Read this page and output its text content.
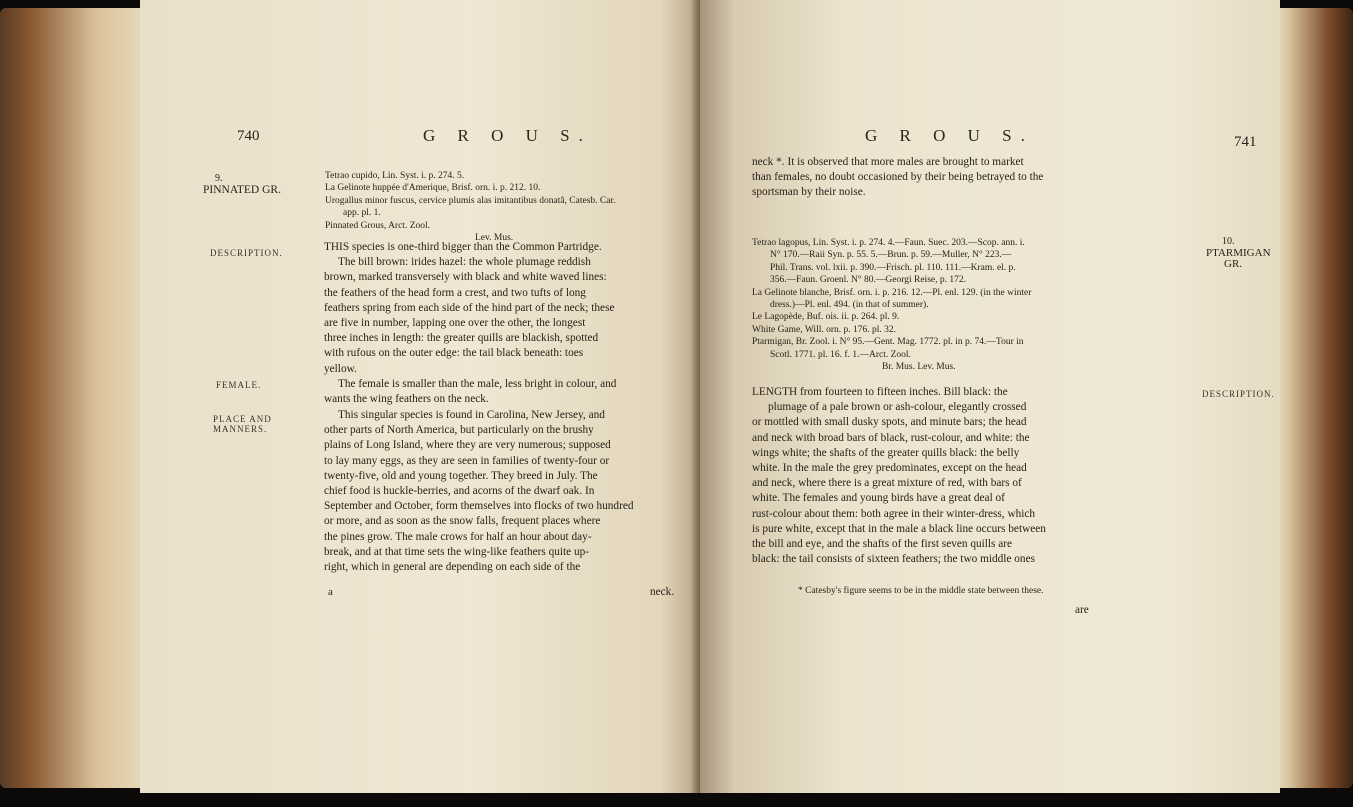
740	G R O U S.
9.
PINNATED GR.
Tetrao cupido, Lin. Syst. i. p. 274. 5.
La Gelinote huppée d'Amerique, Brisf. orn. i. p. 212. 10.
Urogallus minor fuscus, cervice plumis alas imitantibus donatâ, Catesb. Car.
app. pl. 1.
Pinnated Grous, Arct. Zool.
Lev. Mus.
DESCRIPTION.	THIS species is one-third bigger than the Common Partridge.
The bill brown: irides hazel: the whole plumage reddish
brown, marked transversely with black and white waved lines:
the feathers of the head form a crest, and two tufts of long
feathers spring from each side of the hind part of the neck; these
are five in number, lapping one over the other, the longest
three inches in length: the greater quills are blackish, spotted
with rufous on the outer edge: the tail black beneath: toes
yellow.
FEMALE.	The female is smaller than the male, less bright in colour, and
wants the wing feathers on the neck.
PLACE AND
MANNERS.
This singular species is found in Carolina, New Jersey, and
other parts of North America, but particularly on the brushy
plains of Long Island, where they are very numerous; supposed
to lay many eggs, as they are seen in families of twenty-four or
twenty-five, old and young together. They breed in July. The
chief food is huckle-berries, and acorns of the dwarf oak. In
September and October, form themselves into flocks of two hundred
or more, and as soon as the snow falls, frequent places where
the pines grow. The male crows for half an hour about day-
break, and at that time sets the wing-like feathers quite up-
right, which in general are depending on each side of the
a	neck.
G R O U S.	741
neck *. It is observed that more males are brought to market
than females, no doubt occasioned by their being betrayed to the
sportsman by their noise.
Tetrao lagopus, Lin. Syst. i. p. 274. 4.—Faun. Suec. 203.—Scop. ann. i.
N° 170.—Raii Syn. p. 55. 5.—Brun. p. 59.—Muller, N° 223.—
Phil. Trans. vol. lxii. p. 390.—Frisch. pl. 110. 111.—Kram. el. p.
356.—Faun. Groenl. N° 80.—Georgi Reise, p. 172.
La Gelinote blanche, Brisf. orn. i. p. 216. 12.—Pl. enl. 129. (in the winter
dress.)—Pl. enl. 494. (in that of summer).
Le Lagopède, Buf. ois. ii. p. 264. pl. 9.
White Game, Will. orn. p. 176. pl. 32.
Ptarmigan, Br. Zool. i. N° 95.—Gent. Mag. 1772. pl. in p. 74.—Tour in
Scotl. 1771. pl. 16. f. 1.—Arct. Zool.
Br. Mus. Lev. Mus.
10.
PTARMIGAN
GR.
LENGTH from fourteen to fifteen inches. Bill black: the
plumage of a pale brown or ash-colour, elegantly crossed
or mottled with small dusky spots, and minute bars; the head
and neck with broad bars of black, rust-colour, and white: the
wings white; the shafts of the greater quills black: the belly
white. In the male the grey predominates, except on the head
and neck, where there is a great mixture of red, with bars of
white. The females and young birds have a great deal of
rust-colour about them: both agree in their winter-dress, which
is pure white, except that in the male a black line occurs between
the bill and eye, and the shafts of the first seven quills are
black: the tail consists of sixteen feathers; the two middle ones
DESCRIPTION.
* Catesby's figure seems to be in the middle state between these.
are
